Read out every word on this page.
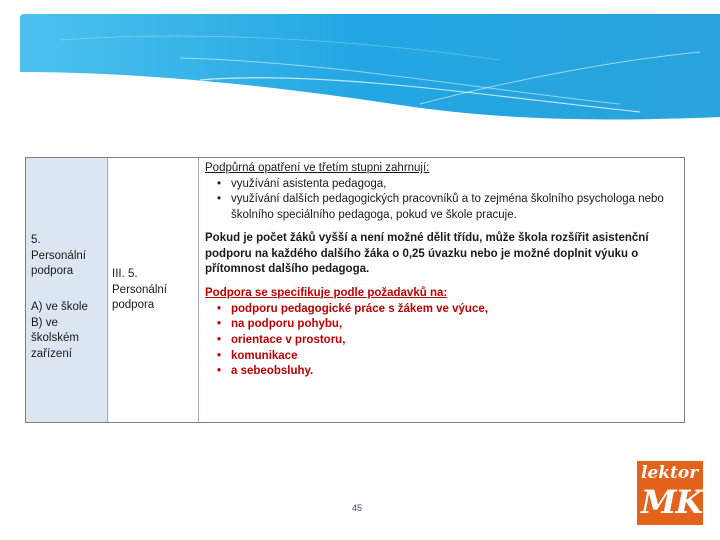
5.
Personální
podpora
A) ve škole
B) ve školském
zařízení
III. 5.
Personální
podpora
Podpůrná opatření ve třetím stupni zahrnují:
• využívání asistenta pedagoga,
• využívání dalších pedagogických pracovníků a to zejména školního psychologa nebo školního speciálního pedagoga, pokud ve škole pracuje.
Pokud je počet žáků vyšší a není možné dělit třídu, může škola rozšířit asistenční podporu na každého dalšího žáka o 0,25 úvazku nebo je možné doplnit výuku o přítomnost dalšího pedagoga.
Podpora se specifikuje podle požadavků na:
• podporu pedagogické práce s žákem ve výuce,
• na podporu pohybu,
• orientace v prostoru,
• komunikace
• a sebeobsluhy.
45
lektor
MK
